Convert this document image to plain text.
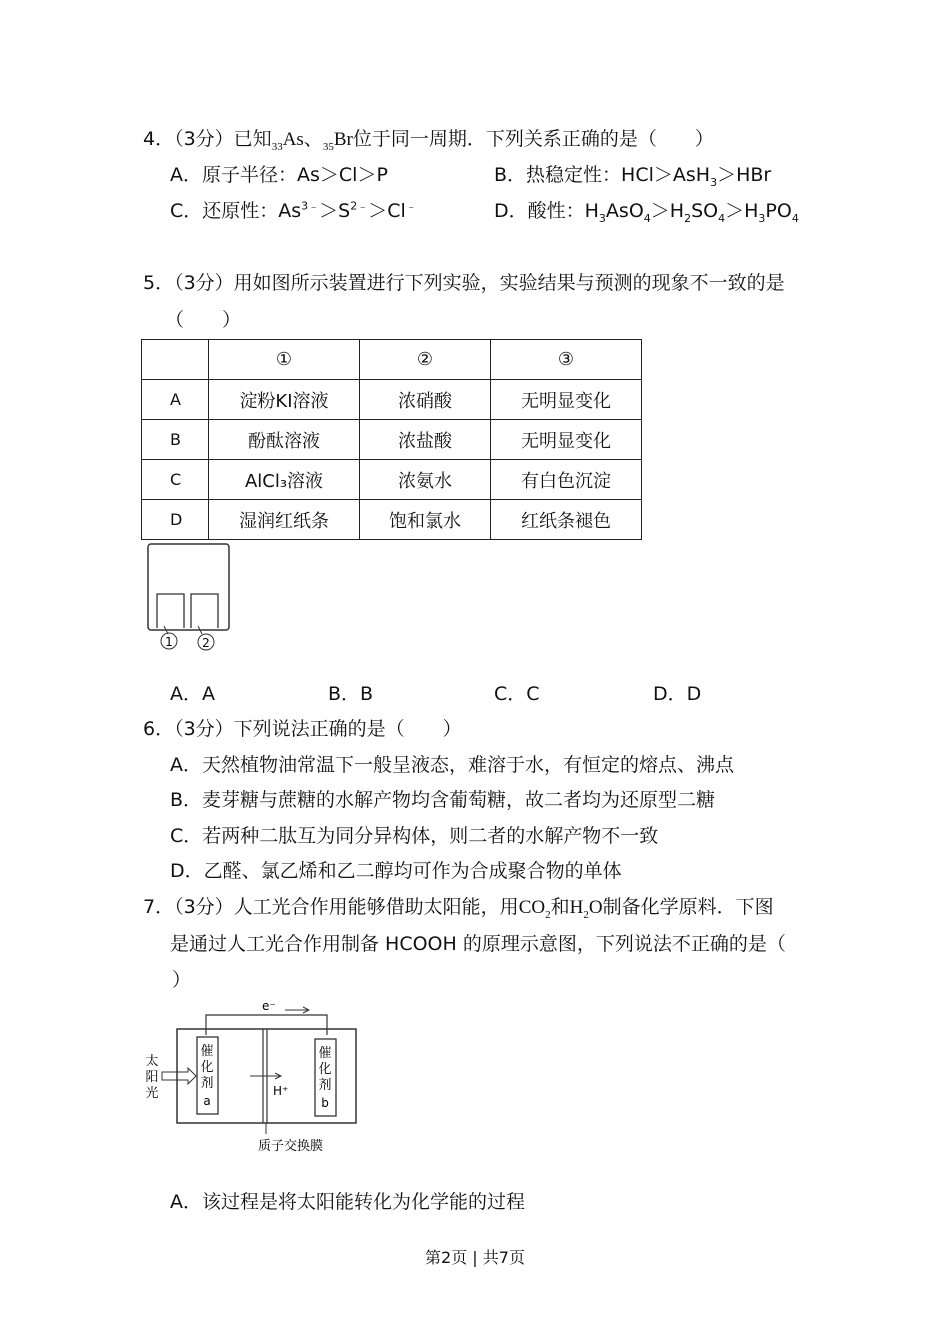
4．（3分）已知$_{33}$As、$_{35}$Br位于同一周期．下列关系正确的是（　　）
A．原子半径：As＞Cl＞P	B．热稳定性：HCl＞AsH$_3$＞HBr
C．还原性：$As^{3﹣}>S^{2﹣}>Cl^﹣$	D．酸性：$H_3AsO_4>H_2SO_4>H_3PO_4$
5．（3分）用如图所示装置进行下列实验，实验结果与预测的现象不一致的是
（　　）
	①	②	③
A	淀粉KI溶液	浓硝酸	无明显变化
B	酚酞溶液	浓盐酸	无明显变化
C	AlCl₃溶液	浓氨水	有白色沉淀
D	湿润红纸条	饱和氯水	红纸条褪色
1 2
A．A	B．B	C．C	D．D
6．（3分）下列说法正确的是（　　）
A．天然植物油常温下一般呈液态，难溶于水，有恒定的熔点、沸点
B．麦芽糖与蔗糖的水解产物均含葡萄糖，故二者均为还原型二糖
C．若两种二肽互为同分异构体，则二者的水解产物不一致
D．乙醛、氯乙烯和乙二醇均可作为合成聚合物的单体
7．（3分）人工光合作用能够借助太阳能，用$CO_2$和$H_2O$制备化学原料．下图
是通过人工光合作用制备 HCOOH 的原理示意图，下列说法不正确的是（
）
e⁻
催
化
剂
a
催
化
剂
b
太
阳
光	H⁺
质子交换膜
A．该过程是将太阳能转化为化学能的过程
第2页 | 共7页
